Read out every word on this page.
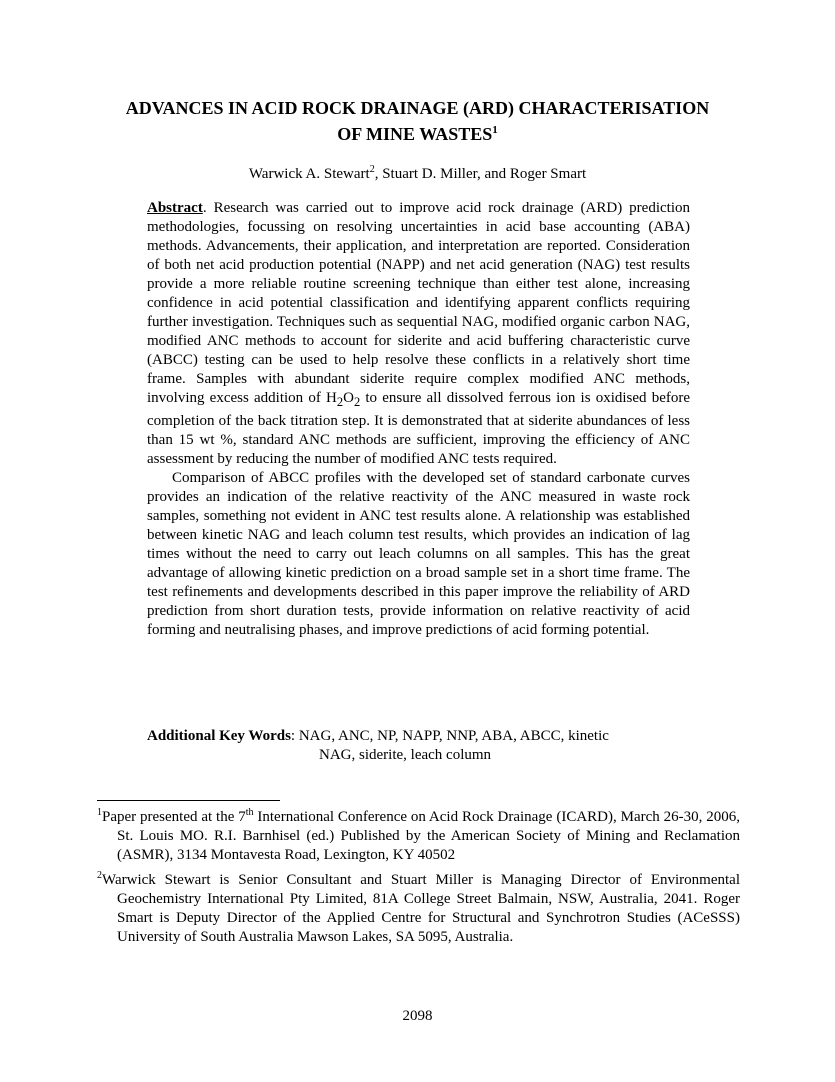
ADVANCES IN ACID ROCK DRAINAGE (ARD) CHARACTERISATION
OF MINE WASTES$^1$
Warwick A. Stewart$^2$, Stuart D. Miller, and Roger Smart

Abstract. Research was carried out to improve acid rock drainage (ARD) prediction methodologies, focussing on resolving uncertainties in acid base accounting (ABA) methods. Advancements, their application, and interpretation are reported. Consideration of both net acid production potential (NAPP) and net acid generation (NAG) test results provide a more reliable routine screening technique than either test alone, increasing confidence in acid potential classification and identifying apparent conflicts requiring further investigation. Techniques such as sequential NAG, modified organic carbon NAG, modified ANC methods to account for siderite and acid buffering characteristic curve (ABCC) testing can be used to help resolve these conflicts in a relatively short time frame. Samples with abundant siderite require complex modified ANC methods, involving excess addition of $H_2O_2$ to ensure all dissolved ferrous ion is oxidised before completion of the back titration step. It is demonstrated that at siderite abundances of less than 15 wt %, standard ANC methods are sufficient, improving the efficiency of ANC assessment by reducing the number of modified ANC tests required.

Comparison of ABCC profiles with the developed set of standard carbonate curves provides an indication of the relative reactivity of the ANC measured in waste rock samples, something not evident in ANC test results alone. A relationship was established between kinetic NAG and leach column test results, which provides an indication of lag times without the need to carry out leach columns on all samples. This has the great advantage of allowing kinetic prediction on a broad sample set in a short time frame. The test refinements and developments described in this paper improve the reliability of ARD prediction from short duration tests, provide information on relative reactivity of acid forming and neutralising phases, and improve predictions of acid forming potential.

Additional Key Words: NAG, ANC, NP, NAPP, NNP, ABA, ABCC, kinetic
NAG, siderite, leach column

$^1$Paper presented at the 7th International Conference on Acid Rock Drainage (ICARD), March 26-30, 2006, St. Louis MO. R.I. Barnhisel (ed.) Published by the American Society of Mining and Reclamation (ASMR), 3134 Montavesta Road, Lexington, KY 40502

$^2$Warwick Stewart is Senior Consultant and Stuart Miller is Managing Director of Environmental Geochemistry International Pty Limited, 81A College Street Balmain, NSW, Australia, 2041. Roger Smart is Deputy Director of the Applied Centre for Structural and Synchrotron Studies (ACeSSS) University of South Australia Mawson Lakes, SA 5095, Australia.

2098
